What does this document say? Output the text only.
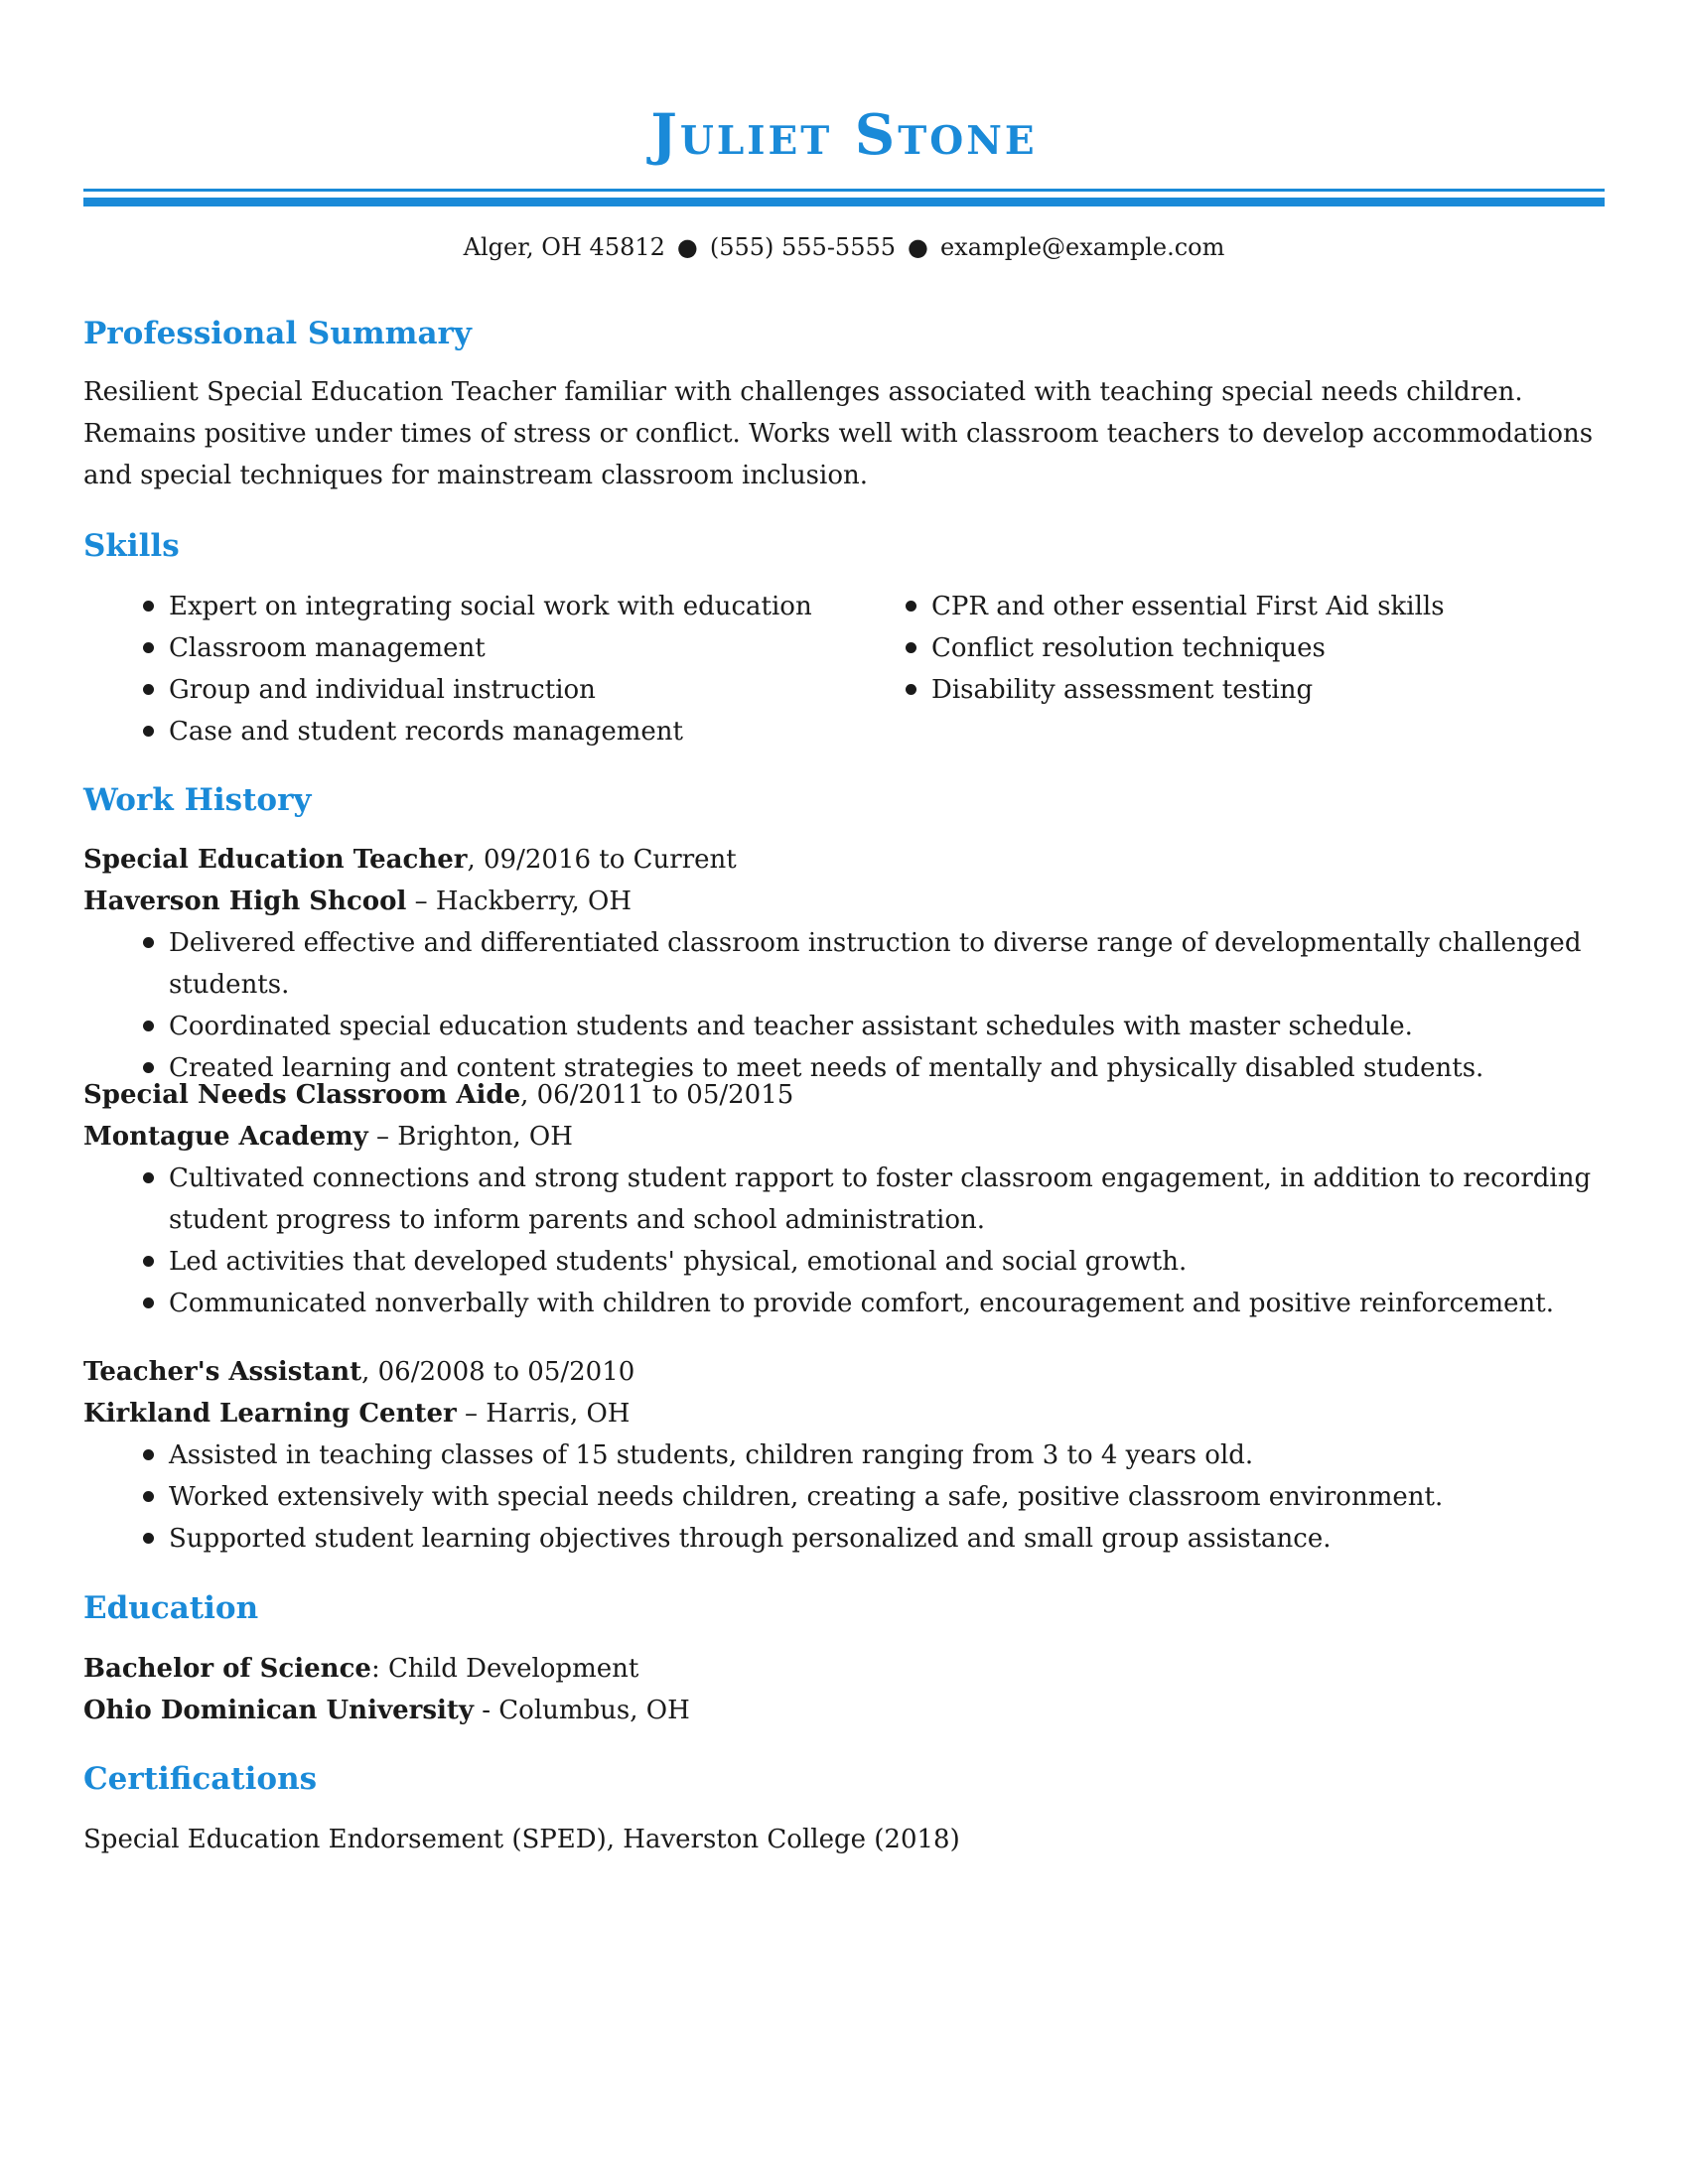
Juliet Stone
Alger, OH 45812 ● (555) 555-5555 ● example@example.com
Professional Summary
Resilient Special Education Teacher familiar with challenges associated with teaching special needs children. Remains positive under times of stress or conflict. Works well with classroom teachers to develop accommodations and special techniques for mainstream classroom inclusion.
Skills
Expert on integrating social work with education
Classroom management
Group and individual instruction
Case and student records management
CPR and other essential First Aid skills
Conflict resolution techniques
Disability assessment testing
Work History
Special Education Teacher, 09/2016 to Current
Haverson High Shcool – Hackberry, OH
Delivered effective and differentiated classroom instruction to diverse range of developmentally challenged students.
Coordinated special education students and teacher assistant schedules with master schedule.
Created learning and content strategies to meet needs of mentally and physically disabled students.
Special Needs Classroom Aide, 06/2011 to 05/2015
Montague Academy – Brighton, OH
Cultivated connections and strong student rapport to foster classroom engagement, in addition to recording student progress to inform parents and school administration.
Led activities that developed students' physical, emotional and social growth.
Communicated nonverbally with children to provide comfort, encouragement and positive reinforcement.
Teacher's Assistant, 06/2008 to 05/2010
Kirkland Learning Center – Harris, OH
Assisted in teaching classes of 15 students, children ranging from 3 to 4 years old.
Worked extensively with special needs children, creating a safe, positive classroom environment.
Supported student learning objectives through personalized and small group assistance.
Education
Bachelor of Science: Child Development
Ohio Dominican University - Columbus, OH
Certifications
Special Education Endorsement (SPED), Haverston College (2018)
